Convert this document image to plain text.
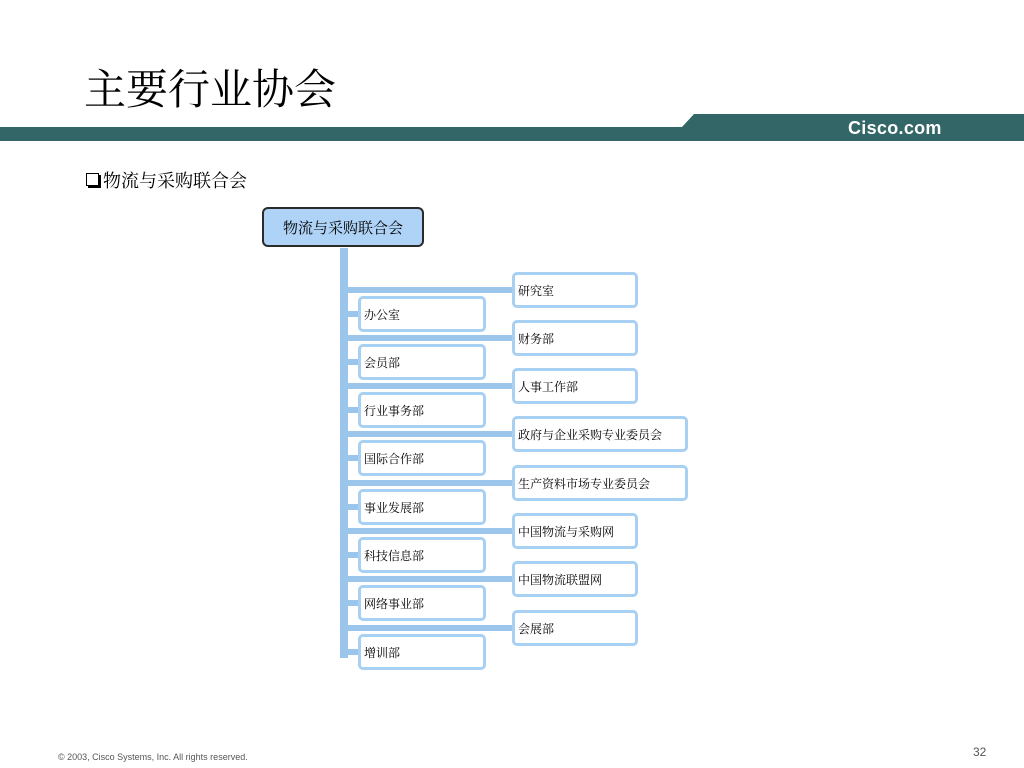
主要行业协会
Cisco.com
物流与采购联合会
物流与采购联合会
办公室
会员部
行业事务部
国际合作部
事业发展部
科技信息部
网络事业部
增训部
研究室
财务部
人事工作部
政府与企业采购专业委员会
生产资料市场专业委员会
中国物流与采购网
中国物流联盟网
会展部
© 2003, Cisco Systems, Inc. All rights reserved.	32
